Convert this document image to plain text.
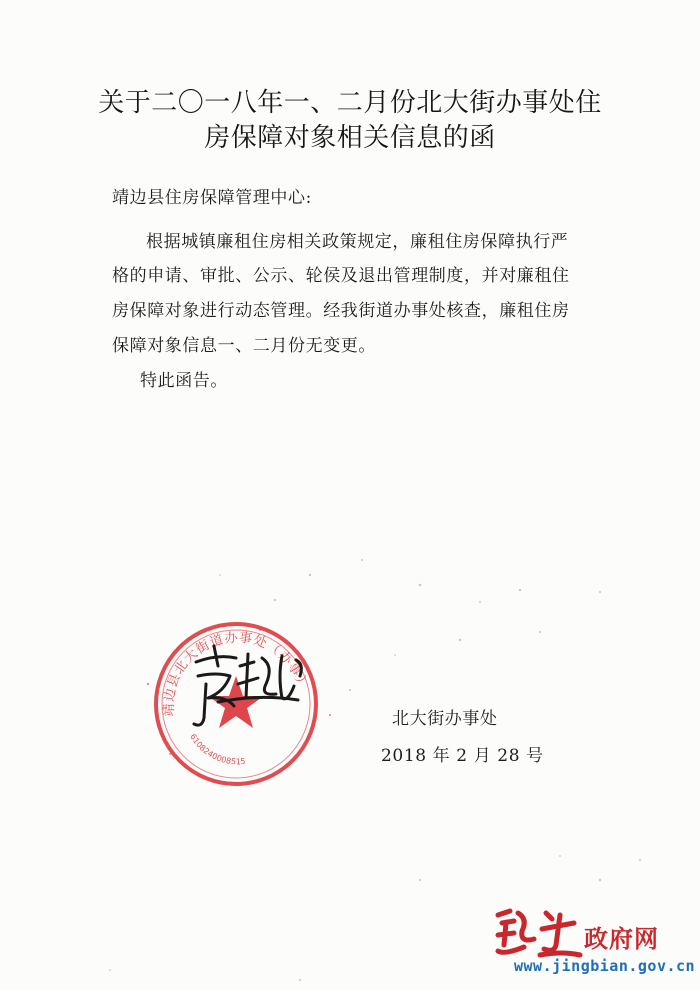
关于二〇一八年一、二月份北大街办事处住
房保障对象相关信息的函
靖边县住房保障管理中心:
根据城镇廉租住房相关政策规定，廉租住房保障执行严
格的申请、审批、公示、轮侯及退出管理制度，并对廉租住
房保障对象进行动态管理。经我街道办事处核查，廉租住房
保障对象信息一、二月份无变更。
特此函告。
靖边县北大街道办事处（办事）
6108240008515
北大街办事处
2018 年 2 月 28 号
政府网
www.jingbian.gov.cn
